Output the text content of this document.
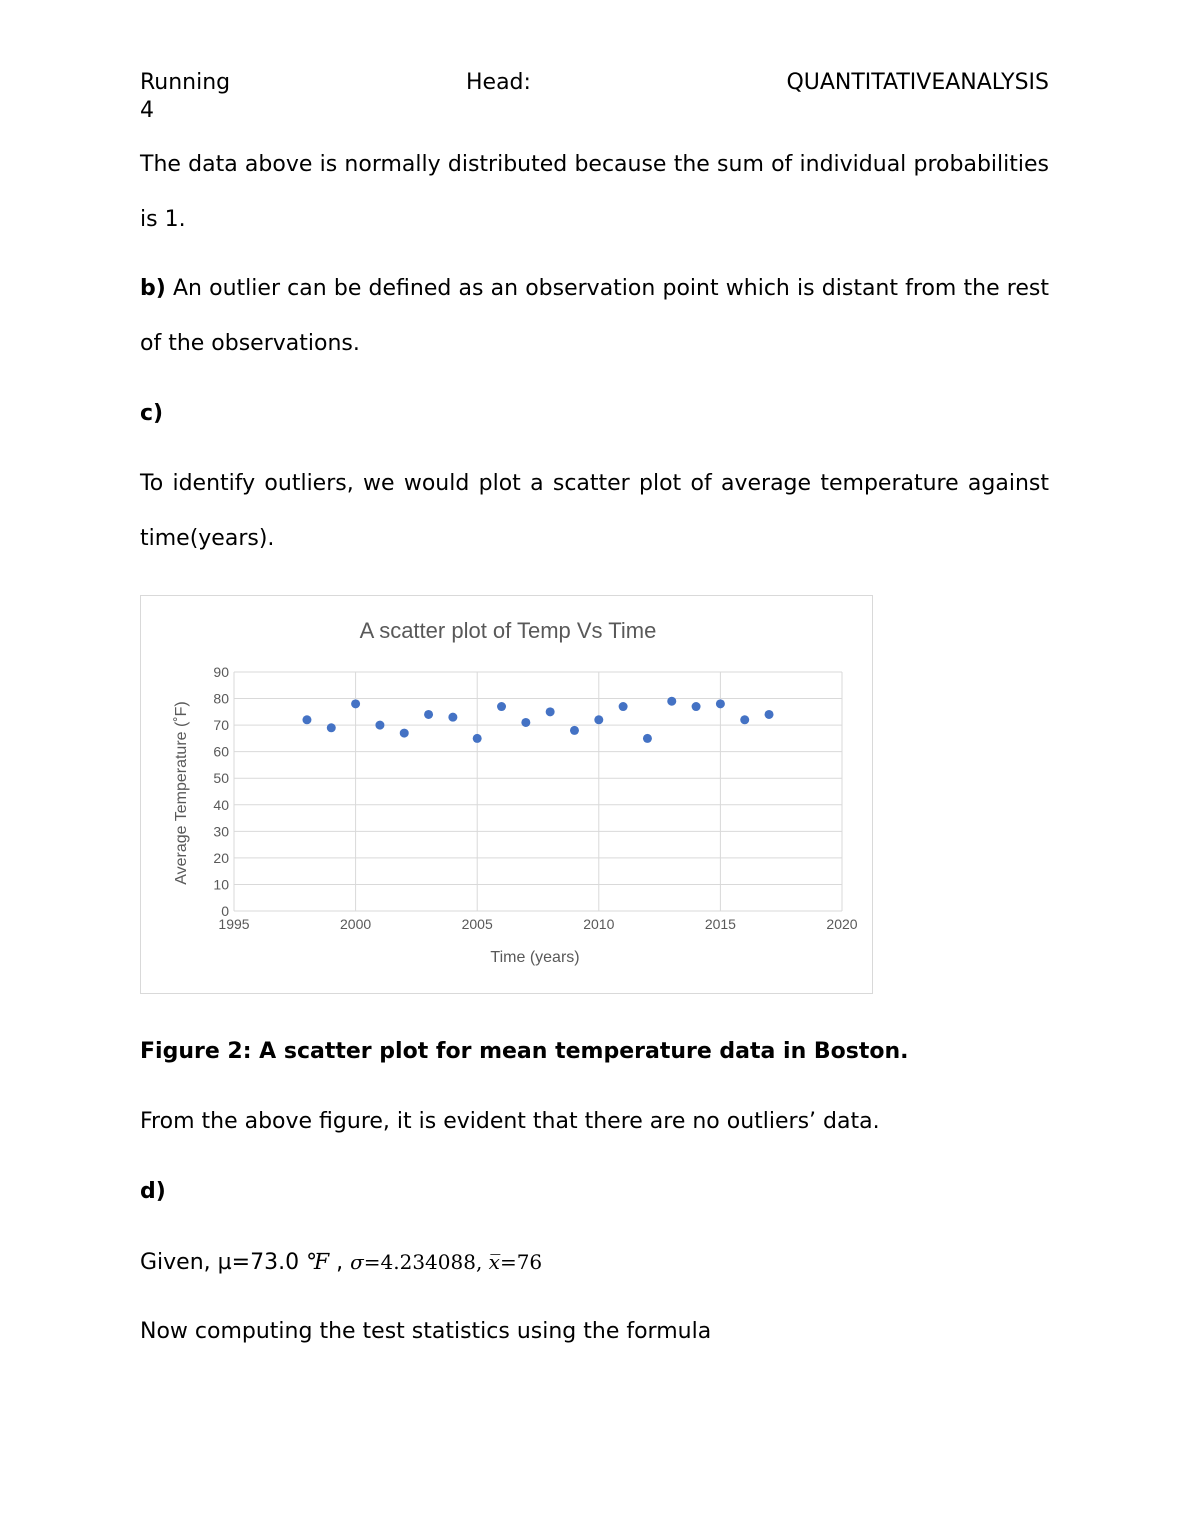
Running	Head:	QUANTITATIVEANALYSIS
4

The data above is normally distributed because the sum of individual probabilities is 1.

b) An outlier can be defined as an observation point which is distant from the rest of the observations.

c)

To identify outliers, we would plot a scatter plot of average temperature against time(years).

A scatter plot of Temp Vs Time
0
10
20
30
40
50
60
70
80
90
1995	2000	2005	2010	2015	2020
Time (years)
Average Temperature (˚F)

Figure 2: A scatter plot for mean temperature data in Boston.

From the above figure, it is evident that there are no outliers’ data.

d)

Given, µ=73.0 ℉ , σ=4.234088, x̅=76

Now computing the test statistics using the formula
